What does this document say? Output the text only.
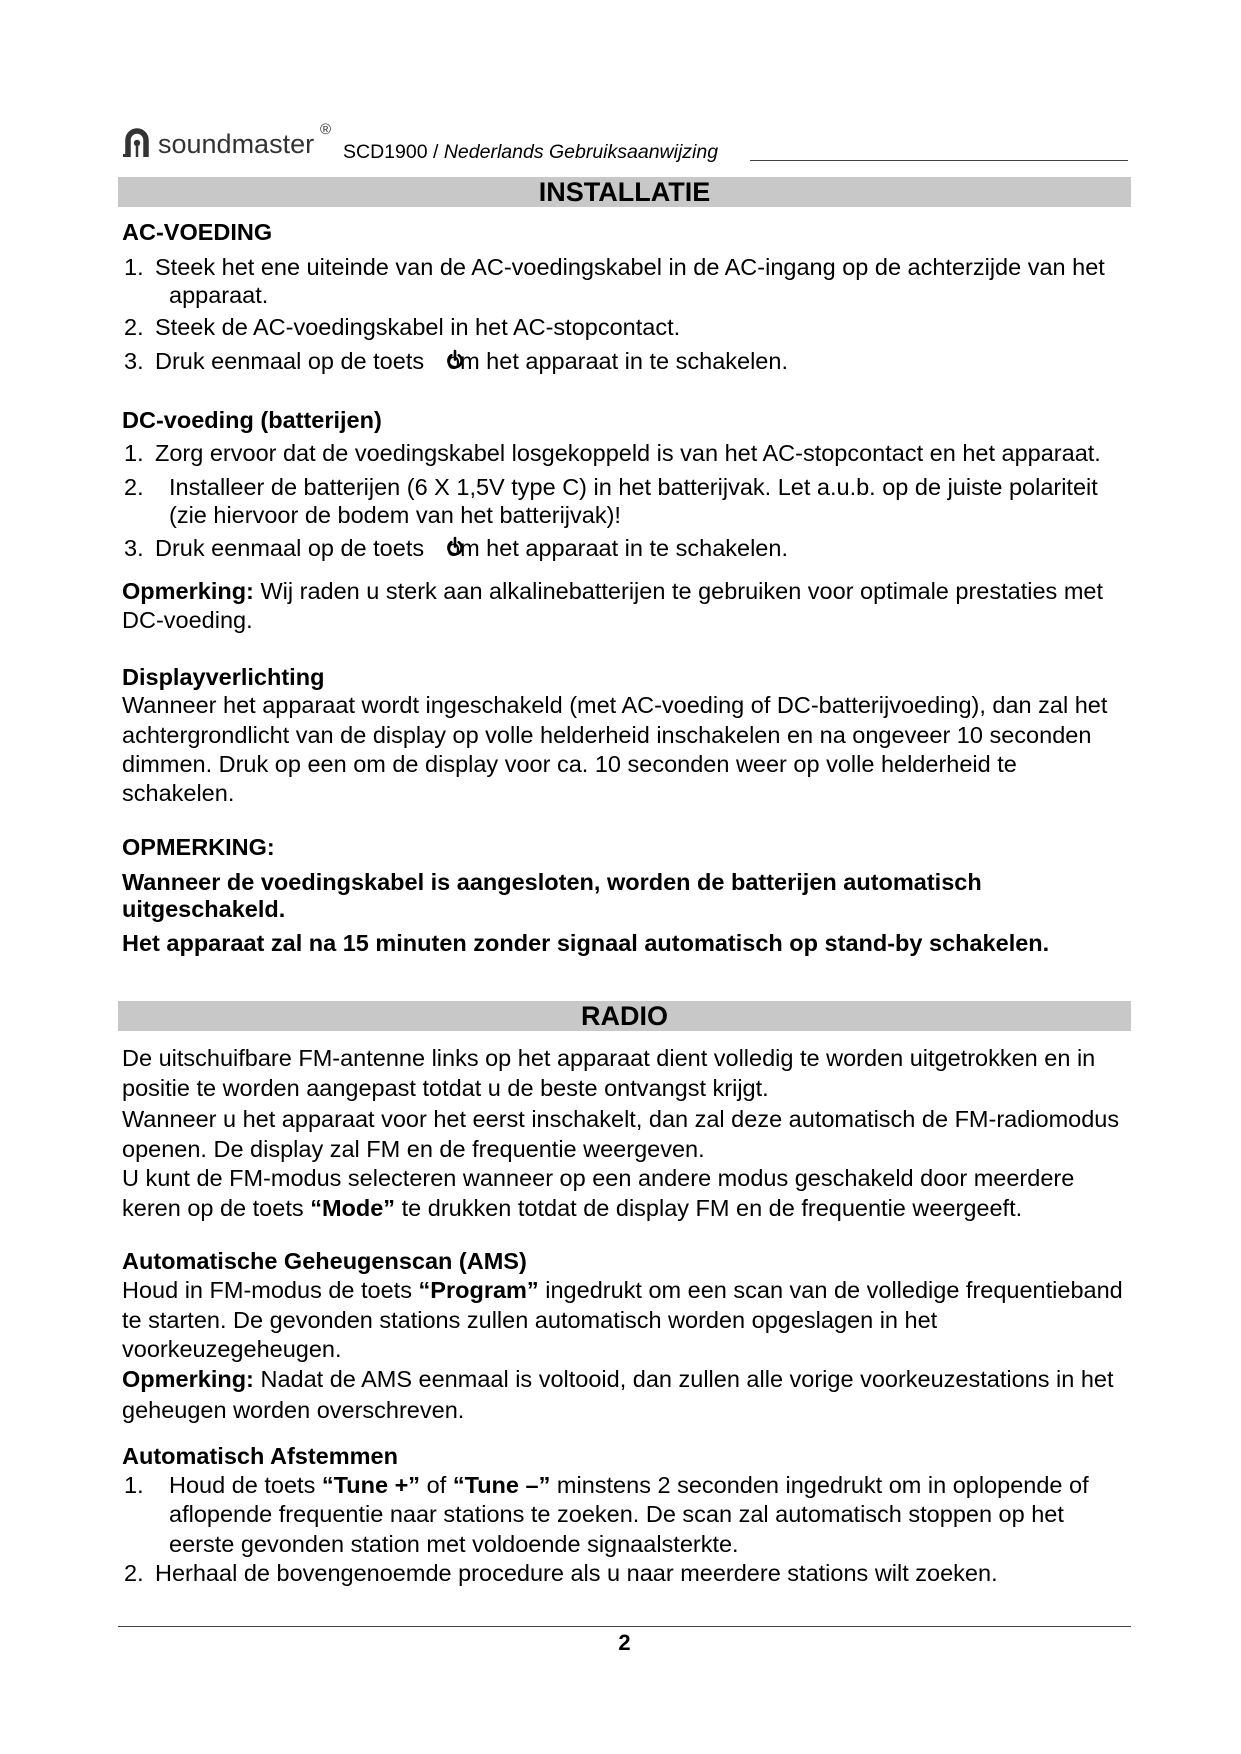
soundmaster ®
SCD1900 / Nederlands Gebruiksaanwijzing
INSTALLATIE
AC-VOEDING
1. Steek het ene uiteinde van de AC-voedingskabel in de AC-ingang op de achterzijde van het
apparaat.
2. Steek de AC-voedingskabel in het AC-stopcontact.
3. Druk eenmaal op de toets om het apparaat in te schakelen.
DC-voeding (batterijen)
1. Zorg ervoor dat de voedingskabel losgekoppeld is van het AC-stopcontact en het apparaat.
2. Installeer de batterijen (6 X 1,5V type C) in het batterijvak. Let a.u.b. op de juiste polariteit
(zie hiervoor de bodem van het batterijvak)!
3. Druk eenmaal op de toets om het apparaat in te schakelen.
Opmerking: Wij raden u sterk aan alkalinebatterijen te gebruiken voor optimale prestaties met
DC-voeding.
Displayverlichting
Wanneer het apparaat wordt ingeschakeld (met AC-voeding of DC-batterijvoeding), dan zal het
achtergrondlicht van de display op volle helderheid inschakelen en na ongeveer 10 seconden
dimmen. Druk op een om de display voor ca. 10 seconden weer op volle helderheid te
schakelen.
OPMERKING:
Wanneer de voedingskabel is aangesloten, worden de batterijen automatisch
uitgeschakeld.
Het apparaat zal na 15 minuten zonder signaal automatisch op stand-by schakelen.
RADIO
De uitschuifbare FM-antenne links op het apparaat dient volledig te worden uitgetrokken en in
positie te worden aangepast totdat u de beste ontvangst krijgt.
Wanneer u het apparaat voor het eerst inschakelt, dan zal deze automatisch de FM-radiomodus
openen. De display zal FM en de frequentie weergeven.
U kunt de FM-modus selecteren wanneer op een andere modus geschakeld door meerdere
keren op de toets “Mode” te drukken totdat de display FM en de frequentie weergeeft.
Automatische Geheugenscan (AMS)
Houd in FM-modus de toets “Program” ingedrukt om een scan van de volledige frequentieband
te starten. De gevonden stations zullen automatisch worden opgeslagen in het
voorkeuzegeheugen.
Opmerking: Nadat de AMS eenmaal is voltooid, dan zullen alle vorige voorkeuzestations in het
geheugen worden overschreven.
Automatisch Afstemmen
1. Houd de toets “Tune +” of “Tune –” minstens 2 seconden ingedrukt om in oplopende of
aflopende frequentie naar stations te zoeken. De scan zal automatisch stoppen op het
eerste gevonden station met voldoende signaalsterkte.
2. Herhaal de bovengenoemde procedure als u naar meerdere stations wilt zoeken.
2
